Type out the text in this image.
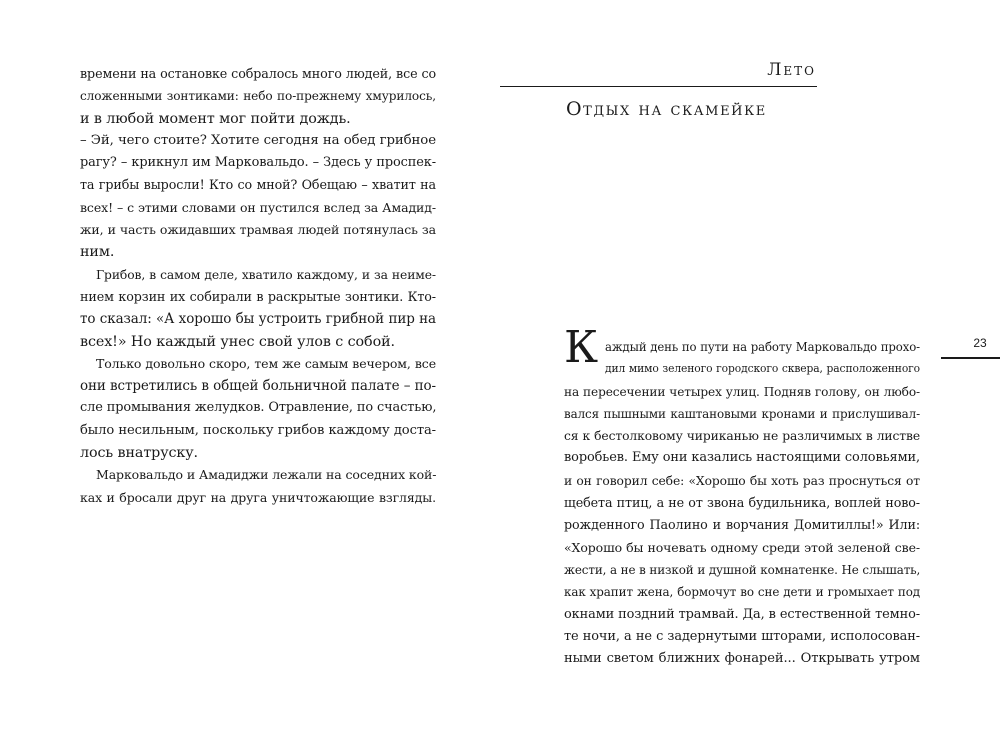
времени на остановке собралось много людей, все со
сложенными зонтиками: небо по-прежнему хмурилось,
и в любой момент мог пойти дождь.
– Эй, чего стоите? Хотите сегодня на обед грибное
рагу? – крикнул им Марковальдо. – Здесь у проспек-
та грибы выросли! Кто со мной? Обещаю – хватит на
всех! – с этими словами он пустился вслед за Амадид-
жи, и часть ожидавших трамвая людей потянулась за
ним.
Грибов, в самом деле, хватило каждому, и за неиме-
нием корзин их собирали в раскрытые зонтики. Кто-
то сказал: «А хорошо бы устроить грибной пир на
всех!» Но каждый унес свой улов с собой.
Только довольно скоро, тем же самым вечером, все
они встретились в общей больничной палате – по-
сле промывания желудков. Отравление, по счастью,
было несильным, поскольку грибов каждому доста-
лось внатруску.
Марковальдо и Амадиджи лежали на соседних кой-
ках и бросали друг на друга уничтожающие взгляды.
Лето
Отдых на скамейке
23
К аждый день по пути на работу Марковальдо прохо-
дил мимо зеленого городского сквера, расположенного
на пересечении четырех улиц. Подняв голову, он любо-
вался пышными каштановыми кронами и прислушивал-
ся к бестолковому чириканью не различимых в листве
воробьев. Ему они казались настоящими соловьями,
и он говорил себе: «Хорошо бы хоть раз проснуться от
щебета птиц, а не от звона будильника, воплей ново-
рожденного Паолино и ворчания Домитиллы!» Или:
«Хорошо бы ночевать одному среди этой зеленой све-
жести, а не в низкой и душной комнатенке. Не слышать,
как храпит жена, бормочут во сне дети и громыхает под
окнами поздний трамвай. Да, в естественной темно-
те ночи, а не с задернутыми шторами, исполосован-
ными светом ближних фонарей... Открывать утром
